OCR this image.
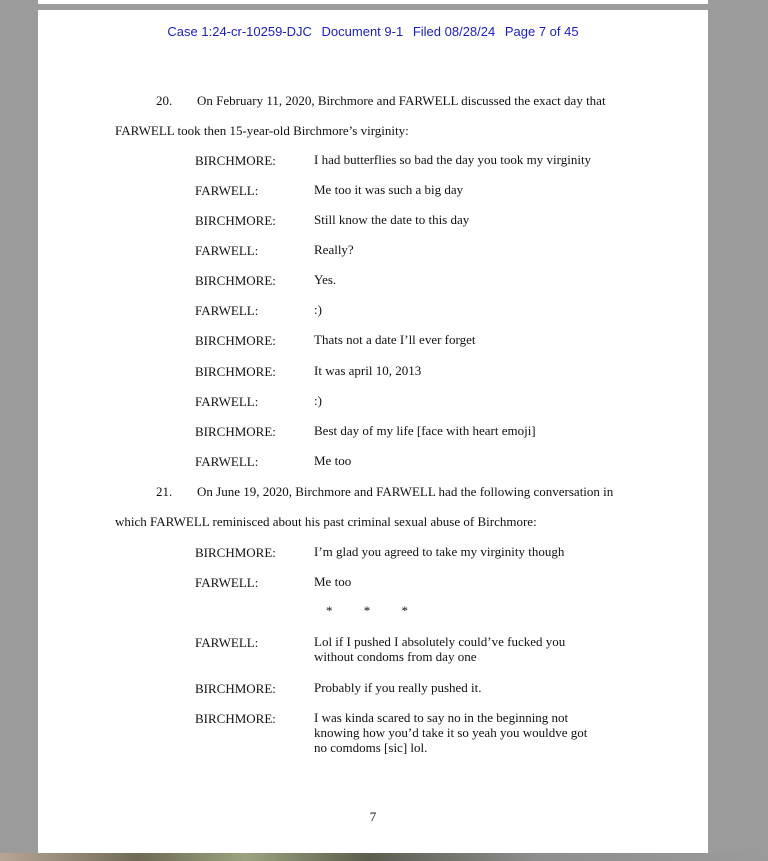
Case 1:24-cr-10259-DJC Document 9-1 Filed 08/28/24 Page 7 of 45
20. On February 11, 2020, Birchmore and FARWELL discussed the exact day that
FARWELL took then 15-year-old Birchmore’s virginity:
BIRCHMORE:	I had butterflies so bad the day you took my virginity
FARWELL:	Me too it was such a big day
BIRCHMORE:	Still know the date to this day
FARWELL:	Really?
BIRCHMORE:	Yes.
FARWELL:	:)
BIRCHMORE:	Thats not a date I’ll ever forget
BIRCHMORE:	It was april 10, 2013
FARWELL:	:)
BIRCHMORE:	Best day of my life [face with heart emoji]
FARWELL:	Me too
21. On June 19, 2020, Birchmore and FARWELL had the following conversation in
which FARWELL reminisced about his past criminal sexual abuse of Birchmore:
BIRCHMORE:	I’m glad you agreed to take my virginity though
FARWELL:	Me too
* * *
FARWELL:	Lol if I pushed I absolutely could’ve fucked you without condoms from day one
BIRCHMORE:	Probably if you really pushed it.
BIRCHMORE:	I was kinda scared to say no in the beginning not knowing how you’d take it so yeah you wouldve got no comdoms [sic] lol.
7
